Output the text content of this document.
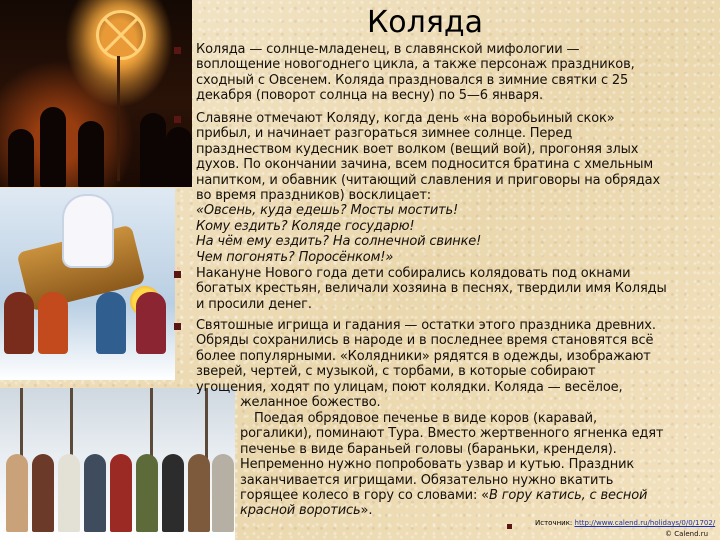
Коляда
Коляда — солнце-младенец, в славянской мифологии —
воплощение новогоднего цикла, а также персонаж праздников,
сходный с Овсенем. Коляда праздновался в зимние святки с 25
декабря (поворот солнца на весну) по 5—6 января.
Славяне отмечают Коляду, когда день «на воробьиный скок»
прибыл, и начинает разгораться зимнее солнце. Перед
празднеством кудесник воет волком (вещий вой), прогоняя злых
духов. По окончании зачина, всем подносится братина с хмельным
напитком, и обавник (читающий славления и приговоры на обрядах
во время праздников) восклицает:
«Овсень, куда едешь? Мосты мостить!
Кому ездить? Коляде государю!
На чём ему ездить? На солнечной свинке!
Чем погонять? Поросёнком!»
Накануне Нового года дети собирались колядовать под окнами
богатых крестьян, величали хозяина в песнях, твердили имя Коляды
и просили денег.
Святошные игрища и гадания — остатки этого праздника древних.
Обряды сохранились в народе и в последнее время становятся всё
более популярными. «Колядники» рядятся в одежды, изображают
зверей, чертей, с музыкой, с торбами, в которые собирают
угощения, ходят по улицам, поют колядки. Коляда — весёлое,
желанное божество.
Поедая обрядовое печенье в виде коров (каравай,
рогалики), поминают Тура. Вместо жертвенного ягненка едят
печенье в виде бараньей головы (бараньки, кренделя).
Непременно нужно попробовать узвар и кутью. Праздник
заканчивается игрищами. Обязательно нужно вкатить
горящее колесо в гору со словами: «В гору катись, с весной
красной воротись».
Источник: http://www.calend.ru/holidays/0/0/1702/
© Calend.ru
